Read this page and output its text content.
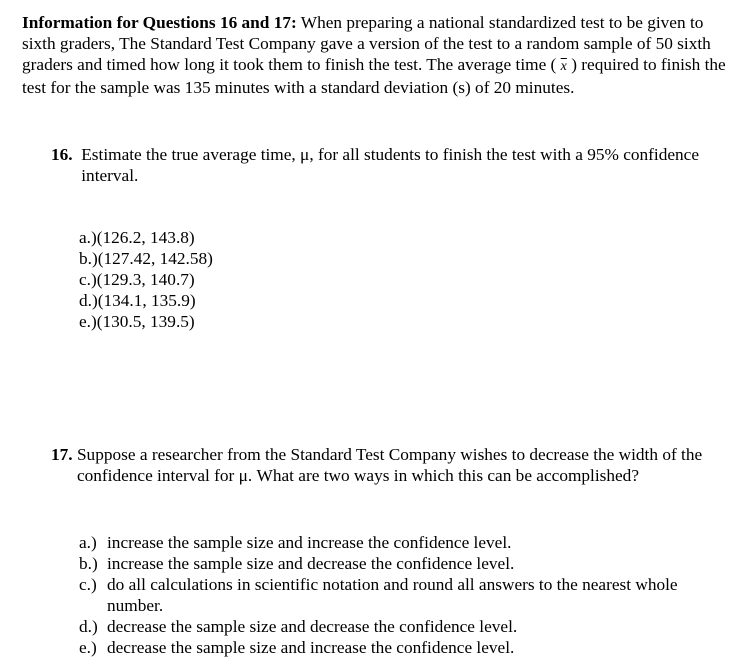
Information for Questions 16 and 17: When preparing a national standardized test to be given to sixth graders, The Standard Test Company gave a version of the test to a random sample of 50 sixth graders and timed how long it took them to finish the test. The average time ( $\overline{x}$ ) required to finish the test for the sample was 135 minutes with a standard deviation (s) of 20 minutes.
16.
Estimate the true average time, μ, for all students to finish the test with a 95% confidence interval.
a.) (126.2, 143.8)
b.) (127.42, 142.58)
c.) (129.3, 140.7)
d.) (134.1, 135.9)
e.) (130.5, 139.5)
17.
Suppose a researcher from the Standard Test Company wishes to decrease the width of the confidence interval for μ. What are two ways in which this can be accomplished?
a.) increase the sample size and increase the confidence level.
b.) increase the sample size and decrease the confidence level.
c.) do all calculations in scientific notation and round all answers to the nearest whole number.
d.) decrease the sample size and decrease the confidence level.
e.) decrease the sample size and increase the confidence level.
